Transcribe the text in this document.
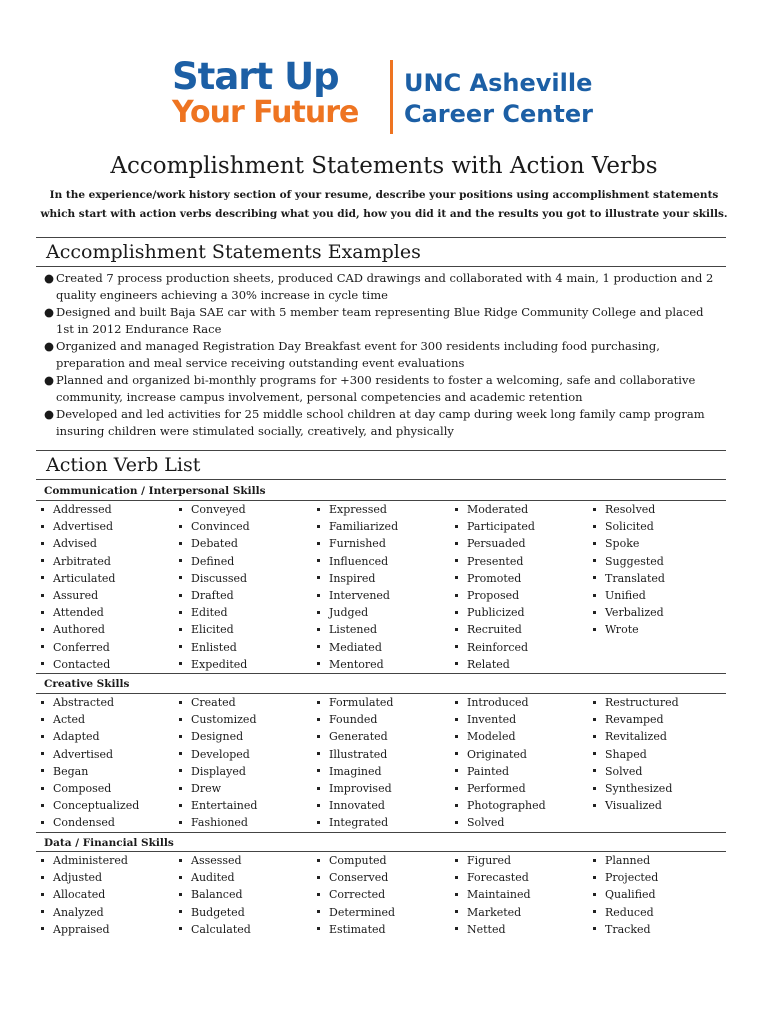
Start Up
Your Future
UNC Asheville
Career Center
Accomplishment Statements with Action Verbs
In the experience/work history section of your resume, describe your positions using accomplishment statements which start with action verbs describing what you did, how you did it and the results you got to illustrate your skills.
Accomplishment Statements Examples
● Created 7 process production sheets, produced CAD drawings and collaborated with 4 main, 1 production and 2 quality engineers achieving a 30% increase in cycle time
● Designed and built Baja SAE car with 5 member team representing Blue Ridge Community College and placed 1st in 2012 Endurance Race
● Organized and managed Registration Day Breakfast event for 300 residents including food purchasing, preparation and meal service receiving outstanding event evaluations
● Planned and organized bi-monthly programs for +300 residents to foster a welcoming, safe and collaborative community, increase campus involvement, personal competencies and academic retention
● Developed and led activities for 25 middle school children at day camp during week long family camp program insuring children were stimulated socially, creatively, and physically
Action Verb List
Communication / Interpersonal Skills
Addressed
Advertised
Advised
Arbitrated
Articulated
Assured
Attended
Authored
Conferred
Contacted
Conveyed
Convinced
Debated
Defined
Discussed
Drafted
Edited
Elicited
Enlisted
Expedited
Expressed
Familiarized
Furnished
Influenced
Inspired
Intervened
Judged
Listened
Mediated
Mentored
Moderated
Participated
Persuaded
Presented
Promoted
Proposed
Publicized
Recruited
Reinforced
Related
Resolved
Solicited
Spoke
Suggested
Translated
Unified
Verbalized
Wrote
Creative Skills
Abstracted
Acted
Adapted
Advertised
Began
Composed
Conceptualized
Condensed
Created
Customized
Designed
Developed
Displayed
Drew
Entertained
Fashioned
Formulated
Founded
Generated
Illustrated
Imagined
Improvised
Innovated
Integrated
Introduced
Invented
Modeled
Originated
Painted
Performed
Photographed
Solved
Restructured
Revamped
Revitalized
Shaped
Solved
Synthesized
Visualized
Data / Financial Skills
Administered
Adjusted
Allocated
Analyzed
Appraised
Assessed
Audited
Balanced
Budgeted
Calculated
Computed
Conserved
Corrected
Determined
Estimated
Figured
Forecasted
Maintained
Marketed
Netted
Planned
Projected
Qualified
Reduced
Tracked
